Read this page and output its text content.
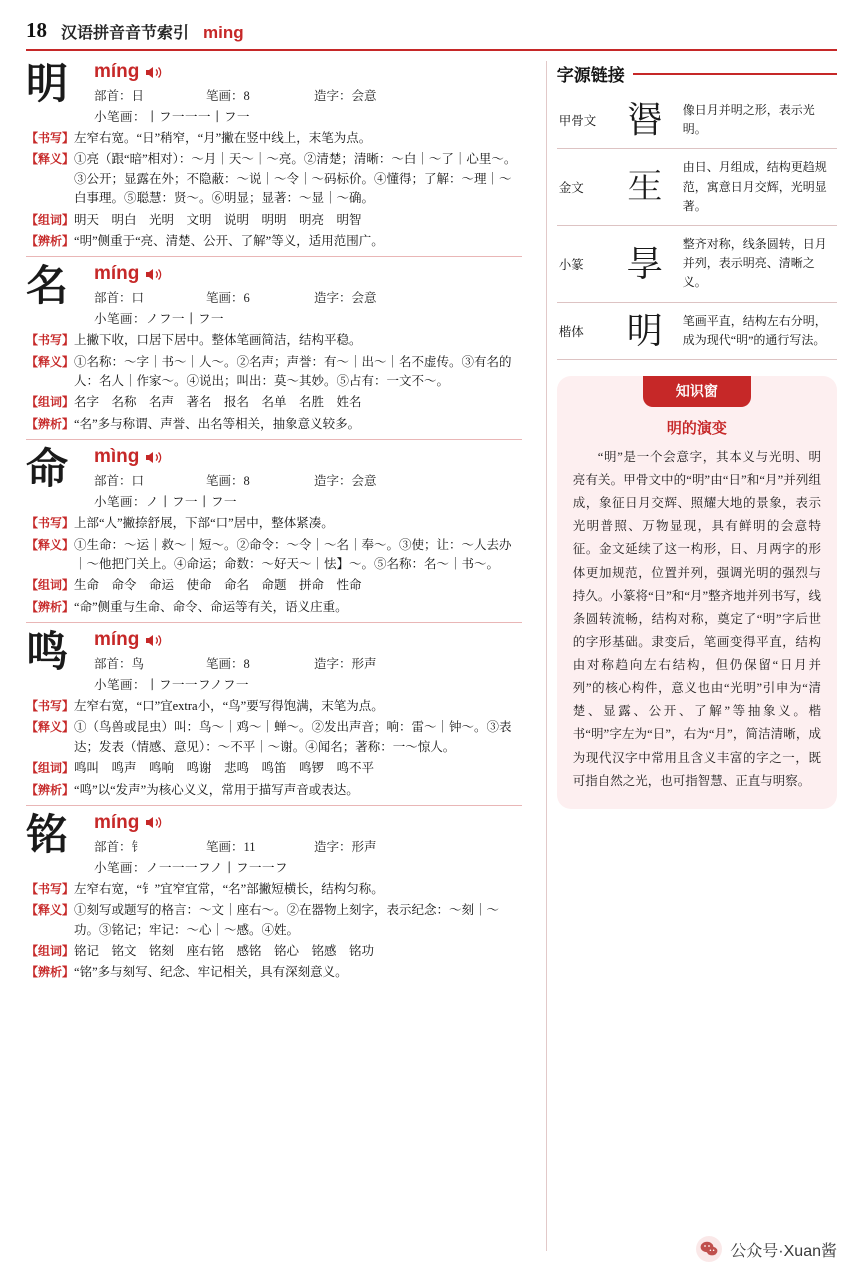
18 汉语拼音音节索引 ming
明	míng
部首：日	笔画：8	造字：会意
小笔画：丨フ一一一丨フ一
【书写】 左窄右宽。“日”稍窄，“月”撇在竖中线上，末笔为点。
【释义】 ①亮（跟“暗”相对）：～月｜天～｜～亮。②清楚；清晰：～白｜～了｜心里～。③公开；显露在外；不隐蔽：～说｜～令｜～码标价。④懂得；了解：～理｜～白事理。⑤聪慧：贤～。⑥明显；显著：～显｜～确。
【组词】 明天　明白　光明　文明　说明　明明　明亮　明智
【辨析】 “明”侧重于“亮、清楚、公开、了解”等义，适用范围广。
名	míng
部首：口	笔画：6	造字：会意
小笔画：ノフ一丨フ一
【书写】 上撇下收，口居下居中。整体笔画简洁，结构平稳。
【释义】 ①名称：～字｜书～｜人～。②名声；声誉：有～｜出～｜名不虚传。③有名的人：名人｜作家～。④说出；叫出：莫～其妙。⑤占有：一文不～。
【组词】 名字　名称　名声　著名　报名　名单　名胜　姓名
【辨析】 “名”多与称谓、声誉、出名等相关，抽象意义较多。
命	mìng
部首：口	笔画：8	造字：会意
小笔画：ノ丨フ一丨フ一
【书写】 上部“人”撇捺舒展，下部“口”居中，整体紧凑。
【释义】 ①生命：～运｜救～｜短～。②命令：～令｜～名｜奉～。③使；让：～人去办｜～他把门关上。④命运；命数：～好天～｜怯】～。⑤名称：名～｜书～。
【组词】 生命　命令　命运　使命　命名　命题　拼命　性命
【辨析】 “命”侧重与生命、命令、命运等有关，语义庄重。
鸣	míng
部首：鸟	笔画：8	造字：形声
小笔画：丨フ一一フノフ一
【书写】 左窄右宽，“口”宜extra小，“鸟”要写得饱满，末笔为点。
【释义】 ①（鸟兽或昆虫）叫：鸟～｜鸡～｜蝉～。②发出声音；响：雷～｜钟～。③表达；发表（情感、意见）：～不平｜～谢。④闻名；著称：一～惊人。
【组词】 鸣叫　鸣声　鸣响　鸣谢　悲鸣　鸣笛　鸣锣　鸣不平
【辨析】 “鸣”以“发声”为核心义义，常用于描写声音或表达。
铭	míng
部首：钅	笔画：11	造字：形声
小笔画：ノ一一一フノ丨フ一一フ
【书写】 左窄右宽，“钅”宜窄宜常，“名”部撇短横长，结构匀称。
【释义】 ①刻写或题写的格言：～文｜座右～。②在器物上刻字，表示纪念：～刻｜～功。③铭记；牢记：～心｜～感。④姓。
【组词】 铭记　铭文　铭刻　座右铭　感铭　铭心　铭感　铭功
【辨析】 “铭”多与刻写、纪念、牢记相关，具有深刻意义。
字源链接
甲骨文	𣇹	像日月并明之形，表示光明。
金文	𤯔	由日、月组成，结构更趋规范，寓意日月交辉，光明显著。
小篆	㫗	整齐对称，线条圆转，日月并列，表示明亮、清晰之义。
楷体	明	笔画平直，结构左右分明，成为现代“明”的通行写法。
知识窗
明的演变
“明”是一个会意字，其本义与光明、明亮有关。甲骨文中的“明”由“日”和“月”并列组成，象征日月交辉、照耀大地的景象，表示光明普照、万物显现，具有鲜明的会意特征。金文延续了这一构形，日、月两字的形体更加规范，位置并列，强调光明的强烈与持久。小篆将“日”和“月”整齐地并列书写，线条圆转流畅，结构对称，奠定了“明”字后世的字形基础。隶变后，笔画变得平直，结构由对称趋向左右结构，但仍保留“日月并列”的核心构件，意义也由“光明”引申为“清楚、显露、公开、了解”等抽象义。楷书“明”字左为“日”，右为“月”，简洁清晰，成为现代汉字中常用且含义丰富的字之一，既可指自然之光，也可指智慧、正直与明察。
公众号·Xuan酱
